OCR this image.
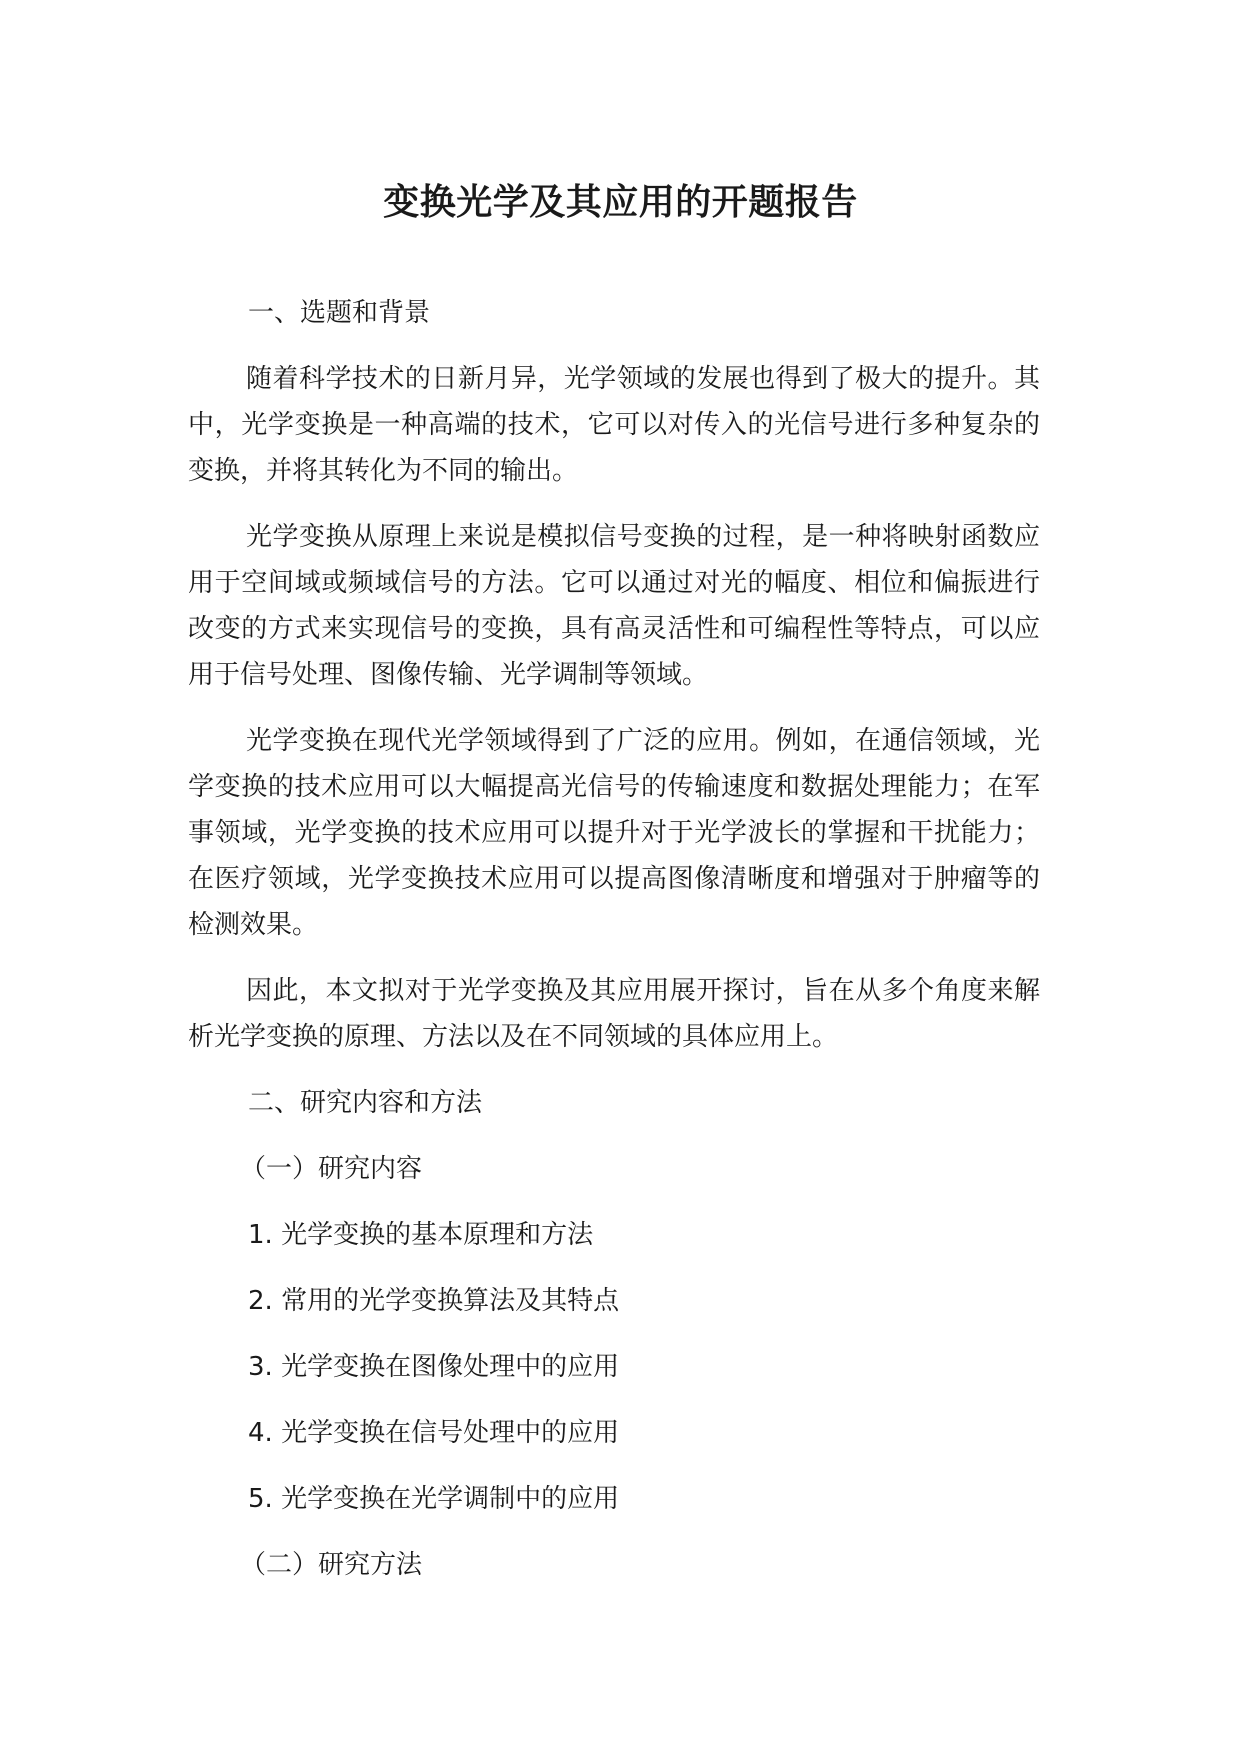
变换光学及其应用的开题报告

一、选题和背景

随着科学技术的日新月异，光学领域的发展也得到了极大的提升。其中，光学变换是一种高端的技术，它可以对传入的光信号进行多种复杂的变换，并将其转化为不同的输出。

光学变换从原理上来说是模拟信号变换的过程，是一种将映射函数应用于空间域或频域信号的方法。它可以通过对光的幅度、相位和偏振进行改变的方式来实现信号的变换，具有高灵活性和可编程性等特点，可以应用于信号处理、图像传输、光学调制等领域。

光学变换在现代光学领域得到了广泛的应用。例如，在通信领域，光学变换的技术应用可以大幅提高光信号的传输速度和数据处理能力；在军事领域，光学变换的技术应用可以提升对于光学波长的掌握和干扰能力；在医疗领域，光学变换技术应用可以提高图像清晰度和增强对于肿瘤等的检测效果。

因此，本文拟对于光学变换及其应用展开探讨，旨在从多个角度来解析光学变换的原理、方法以及在不同领域的具体应用上。

二、研究内容和方法

（一）研究内容

1. 光学变换的基本原理和方法
2. 常用的光学变换算法及其特点
3. 光学变换在图像处理中的应用
4. 光学变换在信号处理中的应用
5. 光学变换在光学调制中的应用

（二）研究方法
